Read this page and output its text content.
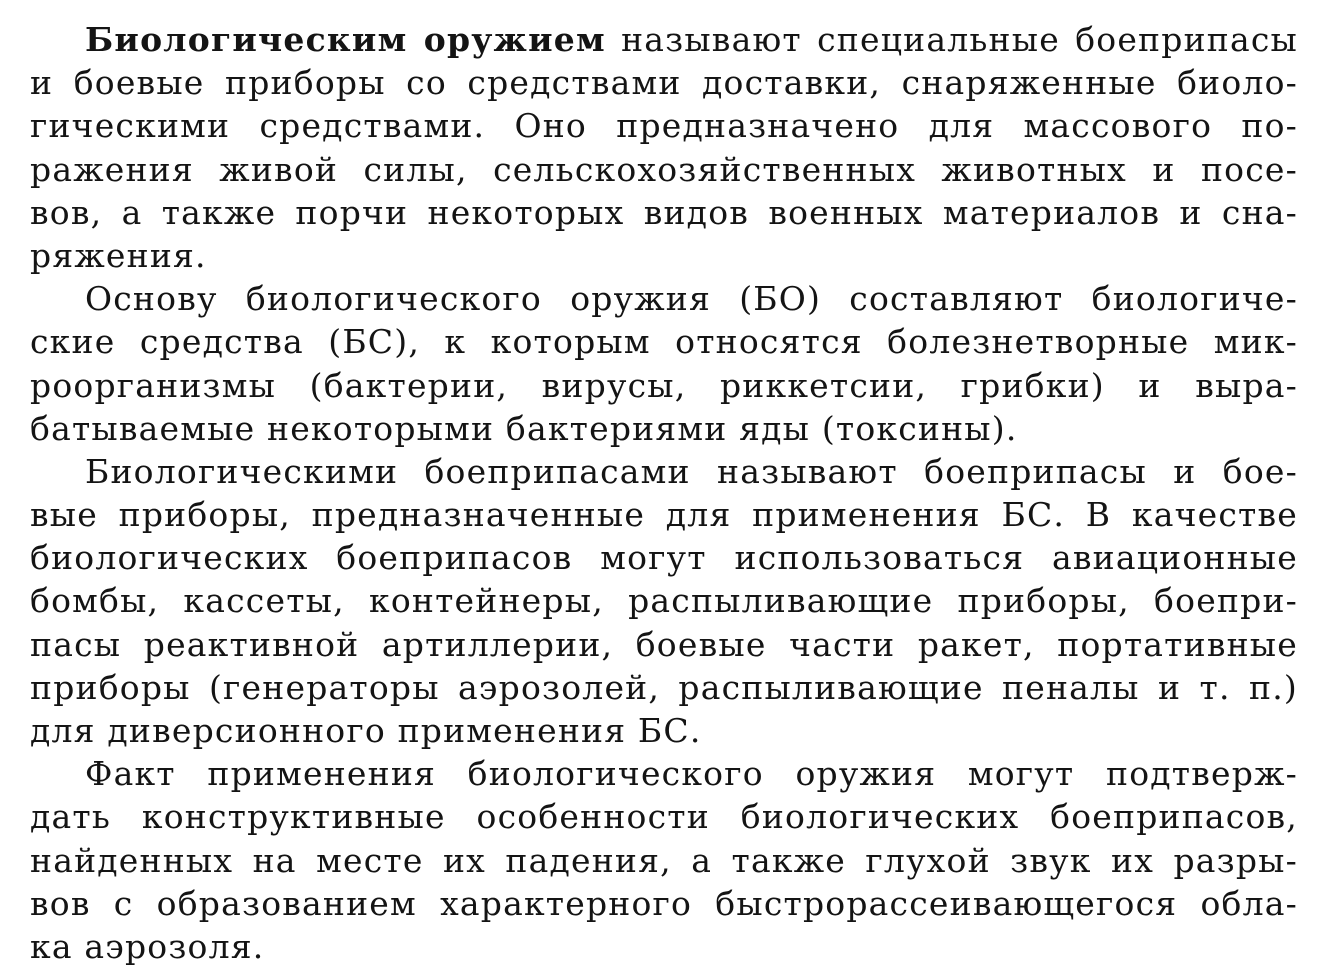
Биологическим оружием называют специальные боеприпасы
и боевые приборы со средствами доставки, снаряженные биоло-
гическими средствами. Оно предназначено для массового по-
ражения живой силы, сельскохозяйственных животных и посе-
вов, а также порчи некоторых видов военных материалов и сна-
ряжения.
Основу биологического оружия (БО) составляют биологиче-
ские средства (БС), к которым относятся болезнетворные мик-
роорганизмы (бактерии, вирусы, риккетсии, грибки) и выра-
батываемые некоторыми бактериями яды (токсины).
Биологическими боеприпасами называют боеприпасы и бое-
вые приборы, предназначенные для применения БС. В качестве
биологических боеприпасов могут использоваться авиационные
бомбы, кассеты, контейнеры, распыливающие приборы, боепри-
пасы реактивной артиллерии, боевые части ракет, портативные
приборы (генераторы аэрозолей, распыливающие пеналы и т. п.)
для диверсионного применения БС.
Факт применения биологического оружия могут подтверж-
дать конструктивные особенности биологических боеприпасов,
найденных на месте их падения, а также глухой звук их разры-
вов с образованием характерного быстрорассеивающегося обла-
ка аэрозоля.
